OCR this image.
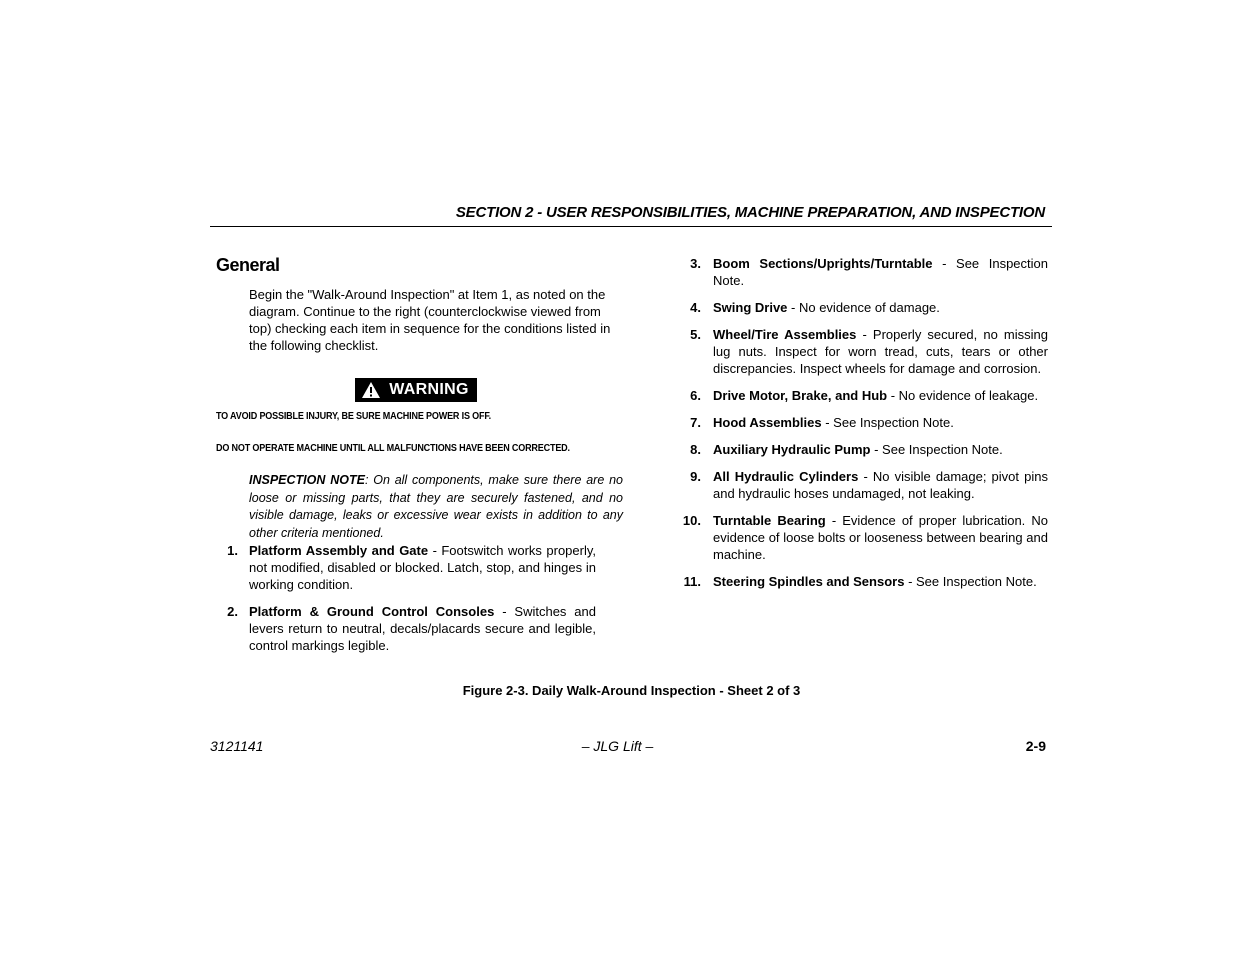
SECTION 2 - USER RESPONSIBILITIES, MACHINE PREPARATION, AND INSPECTION
General

Begin the "Walk-Around Inspection" at Item 1, as noted on the diagram. Continue to the right (counterclockwise viewed from top) checking each item in sequence for the conditions listed in the following checklist.

WARNING

TO AVOID POSSIBLE INJURY, BE SURE MACHINE POWER IS OFF.

DO NOT OPERATE MACHINE UNTIL ALL MALFUNCTIONS HAVE BEEN CORRECTED.

INSPECTION NOTE: On all components, make sure there are no loose or missing parts, that they are securely fastened, and no visible damage, leaks or excessive wear exists in addition to any other criteria mentioned.

1. Platform Assembly and Gate - Footswitch works properly, not modified, disabled or blocked. Latch, stop, and hinges in working condition.
2. Platform & Ground Control Consoles - Switches and levers return to neutral, decals/placards secure and legible, control markings legible.
3. Boom Sections/Uprights/Turntable - See Inspection Note.
4. Swing Drive - No evidence of damage.
5. Wheel/Tire Assemblies - Properly secured, no missing lug nuts. Inspect for worn tread, cuts, tears or other discrepancies. Inspect wheels for damage and corrosion.
6. Drive Motor, Brake, and Hub - No evidence of leakage.
7. Hood Assemblies - See Inspection Note.
8. Auxiliary Hydraulic Pump - See Inspection Note.
9. All Hydraulic Cylinders - No visible damage; pivot pins and hydraulic hoses undamaged, not leaking.
10. Turntable Bearing - Evidence of proper lubrication. No evidence of loose bolts or looseness between bearing and machine.
11. Steering Spindles and Sensors - See Inspection Note.
Figure 2-3. Daily Walk-Around Inspection - Sheet 2 of 3
3121141	– JLG Lift –	2-9
